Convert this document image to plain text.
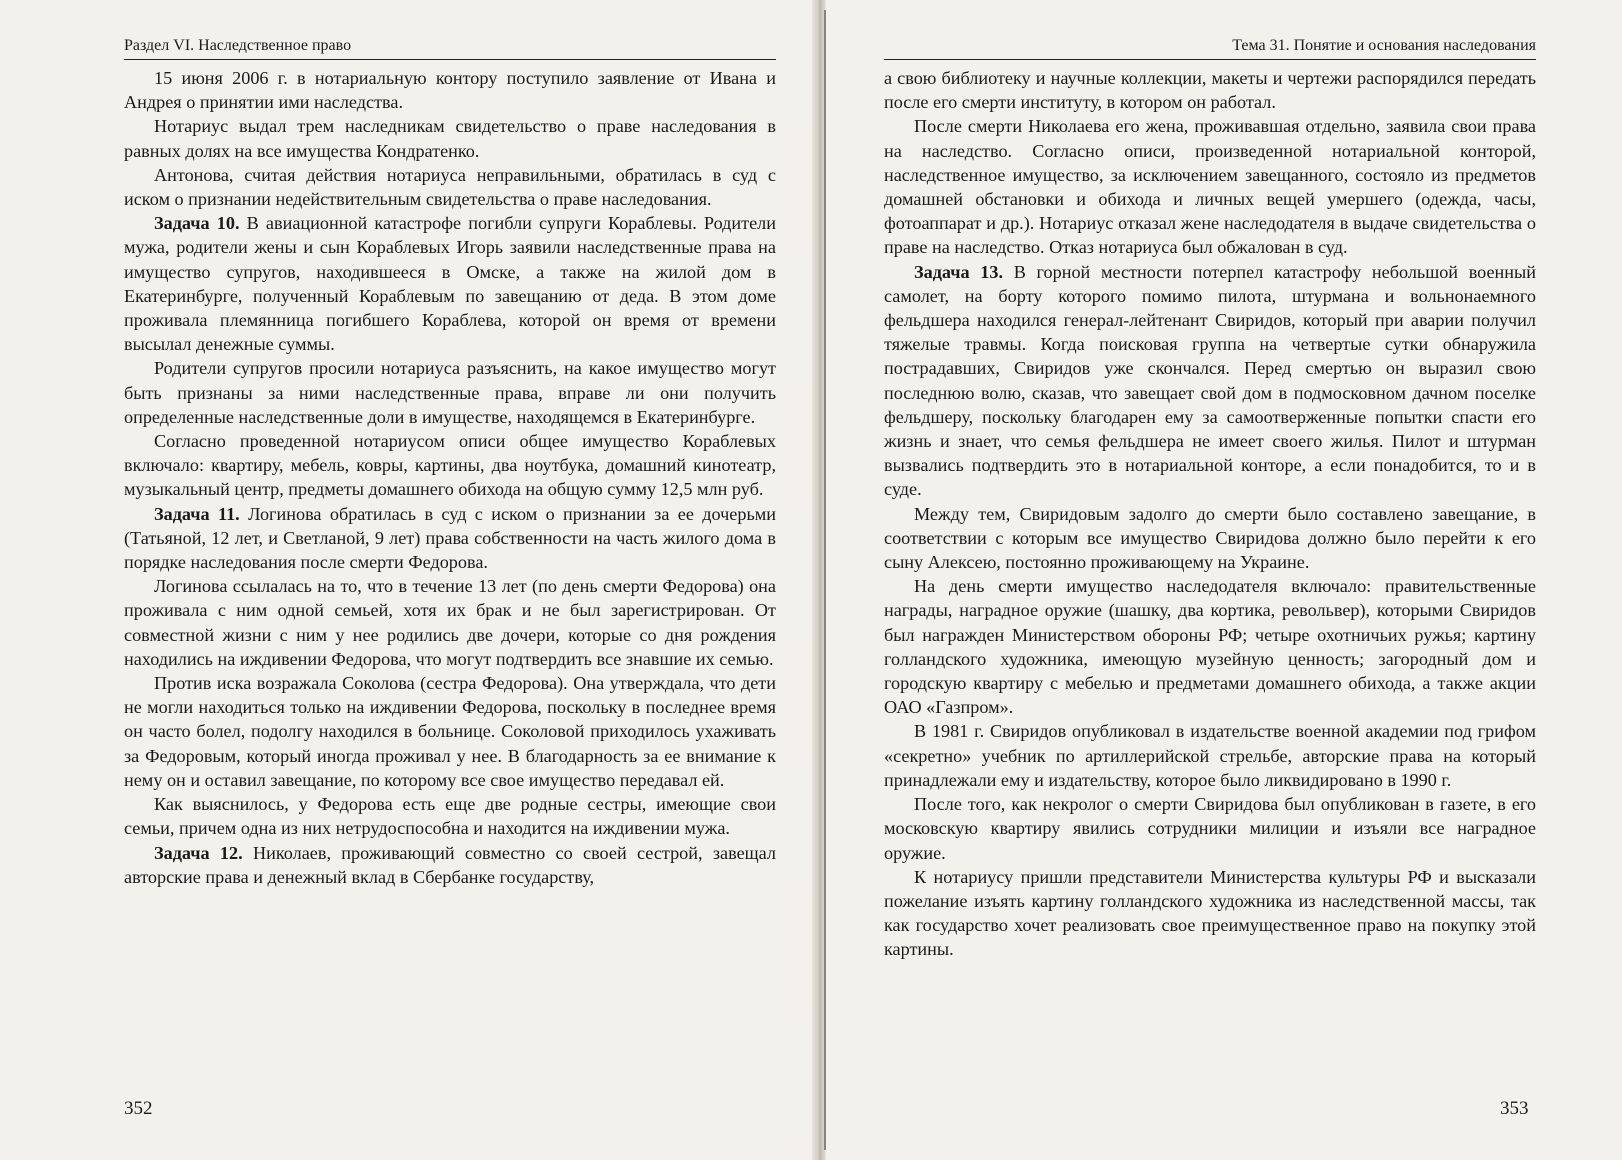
Раздел VI. Наследственное право

15 июня 2006 г. в нотариальную контору поступило заявление от Ивана и Андрея о принятии ими наследства.

Нотариус выдал трем наследникам свидетельство о праве наследования в равных долях на все имущества Кондратенко.

Антонова, считая действия нотариуса неправильными, обратилась в суд с иском о признании недействительным свидетельства о праве наследования.

Задача 10. В авиационной катастрофе погибли супруги Кораблевы. Родители мужа, родители жены и сын Кораблевых Игорь заявили наследственные права на имущество супругов, находившееся в Омске, а также на жилой дом в Екатеринбурге, полученный Кораблевым по завещанию от деда. В этом доме проживала племянница погибшего Кораблева, которой он время от времени высылал денежные суммы.

Родители супругов просили нотариуса разъяснить, на какое имущество могут быть признаны за ними наследственные права, вправе ли они получить определенные наследственные доли в имуществе, находящемся в Екатеринбурге.

Согласно проведенной нотариусом описи общее имущество Кораблевых включало: квартиру, мебель, ковры, картины, два ноутбука, домашний кинотеатр, музыкальный центр, предметы домашнего обихода на общую сумму 12,5 млн руб.

Задача 11. Логинова обратилась в суд с иском о признании за ее дочерьми (Татьяной, 12 лет, и Светланой, 9 лет) права собственности на часть жилого дома в порядке наследования после смерти Федорова.

Логинова ссылалась на то, что в течение 13 лет (по день смерти Федорова) она проживала с ним одной семьей, хотя их брак и не был зарегистрирован. От совместной жизни с ним у нее родились две дочери, которые со дня рождения находились на иждивении Федорова, что могут подтвердить все знавшие их семью.

Против иска возражала Соколова (сестра Федорова). Она утверждала, что дети не могли находиться только на иждивении Федорова, поскольку в последнее время он часто болел, подолгу находился в больнице. Соколовой приходилось ухаживать за Федоровым, который иногда проживал у нее. В благодарность за ее внимание к нему он и оставил завещание, по которому все свое имущество передавал ей.

Как выяснилось, у Федорова есть еще две родные сестры, имеющие свои семьи, причем одна из них нетрудоспособна и находится на иждивении мужа.

Задача 12. Николаев, проживающий совместно со своей сестрой, завещал авторские права и денежный вклад в Сбербанке государству,

Тема 31. Понятие и основания наследования

а свою библиотеку и научные коллекции, макеты и чертежи распорядился передать после его смерти институту, в котором он работал.

После смерти Николаева его жена, проживавшая отдельно, заявила свои права на наследство. Согласно описи, произведенной нотариальной конторой, наследственное имущество, за исключением завещанного, состояло из предметов домашней обстановки и обихода и личных вещей умершего (одежда, часы, фотоаппарат и др.). Нотариус отказал жене наследодателя в выдаче свидетельства о праве на наследство. Отказ нотариуса был обжалован в суд.

Задача 13. В горной местности потерпел катастрофу небольшой военный самолет, на борту которого помимо пилота, штурмана и вольнонаемного фельдшера находился генерал-лейтенант Свиридов, который при аварии получил тяжелые травмы. Когда поисковая группа на четвертые сутки обнаружила пострадавших, Свиридов уже скончался. Перед смертью он выразил свою последнюю волю, сказав, что завещает свой дом в подмосковном дачном поселке фельдшеру, поскольку благодарен ему за самоотверженные попытки спасти его жизнь и знает, что семья фельдшера не имеет своего жилья. Пилот и штурман вызвались подтвердить это в нотариальной конторе, а если понадобится, то и в суде.

Между тем, Свиридовым задолго до смерти было составлено завещание, в соответствии с которым все имущество Свиридова должно было перейти к его сыну Алексею, постоянно проживающему на Украине.

На день смерти имущество наследодателя включало: правительственные награды, наградное оружие (шашку, два кортика, револьвер), которыми Свиридов был награжден Министерством обороны РФ; четыре охотничьих ружья; картину голландского художника, имеющую музейную ценность; загородный дом и городскую квартиру с мебелью и предметами домашнего обихода, а также акции ОАО «Газпром».

В 1981 г. Свиридов опубликовал в издательстве военной академии под грифом «секретно» учебник по артиллерийской стрельбе, авторские права на который принадлежали ему и издательству, которое было ликвидировано в 1990 г.

После того, как некролог о смерти Свиридова был опубликован в газете, в его московскую квартиру явились сотрудники милиции и изъяли все наградное оружие.

К нотариусу пришли представители Министерства культуры РФ и высказали пожелание изъять картину голландского художника из наследственной массы, так как государство хочет реализовать свое преимущественное право на покупку этой картины.

352	353
